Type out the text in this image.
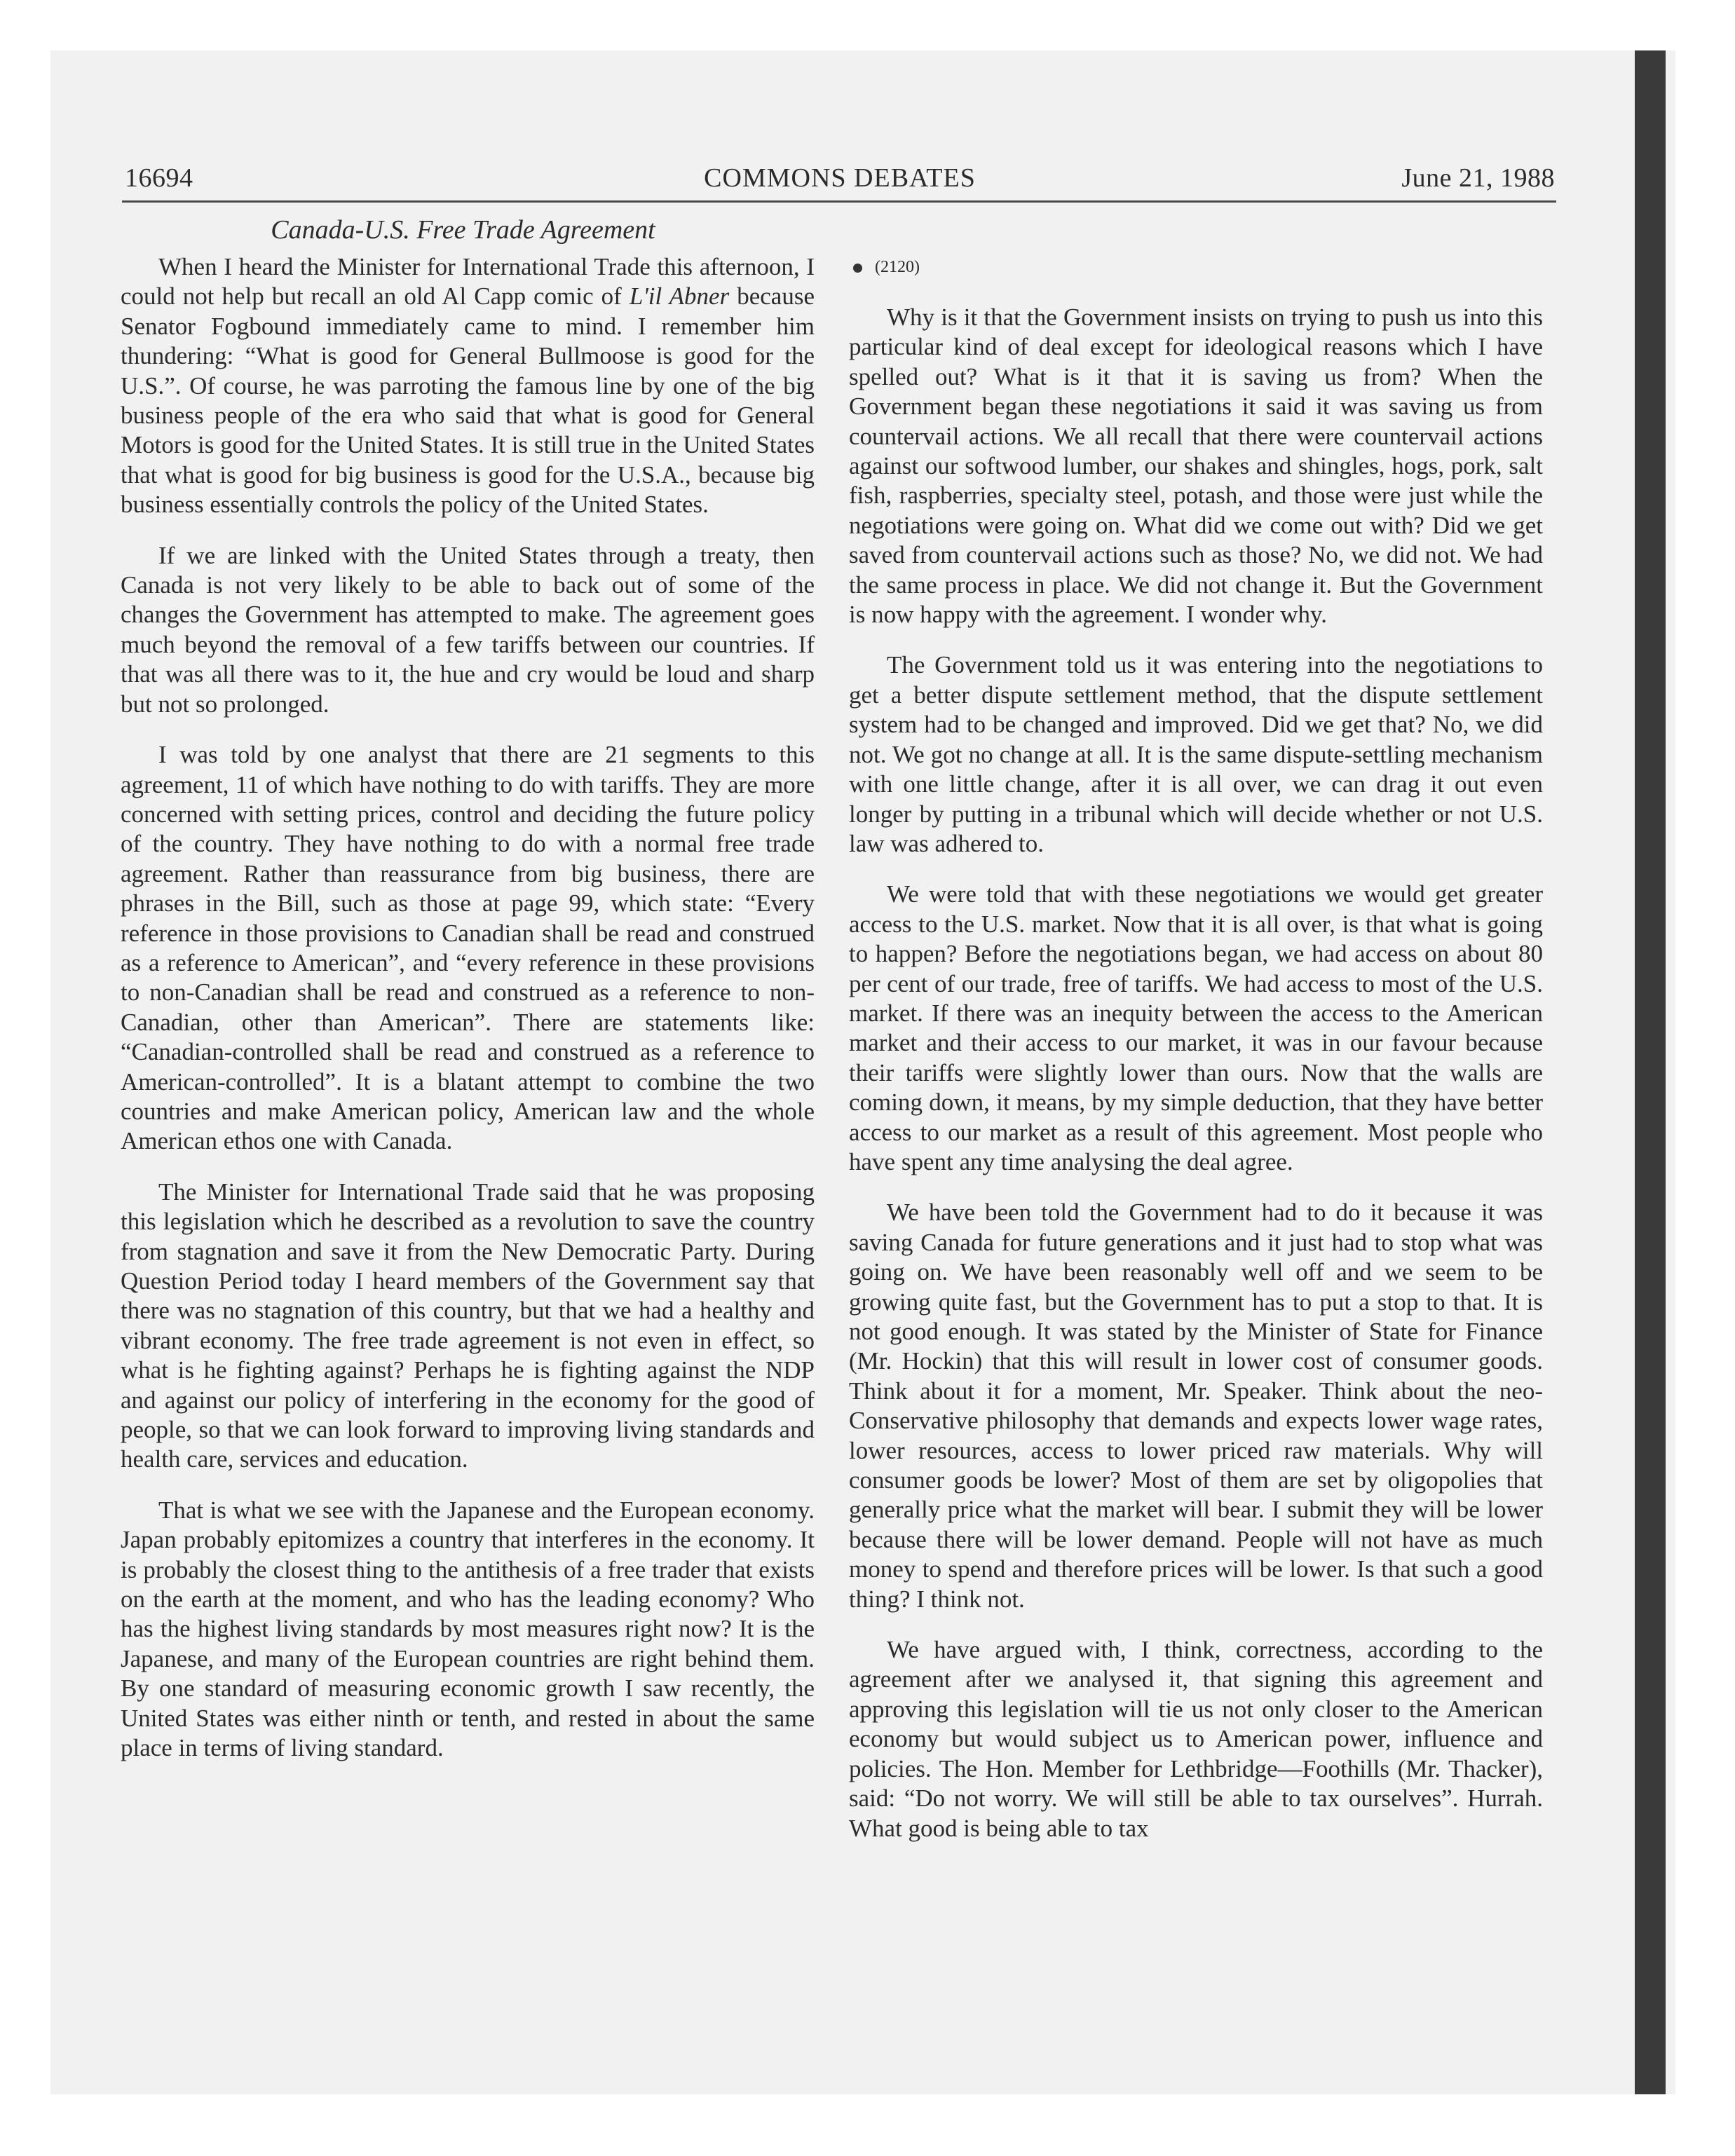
16694	COMMONS DEBATES	June 21, 1988
Canada-U.S. Free Trade Agreement

When I heard the Minister for International Trade this afternoon, I could not help but recall an old Al Capp comic of L'il Abner because Senator Fogbound immediately came to mind. I remember him thundering: “What is good for General Bullmoose is good for the U.S.”. Of course, he was parroting the famous line by one of the big business people of the era who said that what is good for General Motors is good for the United States. It is still true in the United States that what is good for big business is good for the U.S.A., because big business essentially controls the policy of the United States.

If we are linked with the United States through a treaty, then Canada is not very likely to be able to back out of some of the changes the Government has attempted to make. The agreement goes much beyond the removal of a few tariffs between our countries. If that was all there was to it, the hue and cry would be loud and sharp but not so prolonged.

I was told by one analyst that there are 21 segments to this agreement, 11 of which have nothing to do with tariffs. They are more concerned with setting prices, control and deciding the future policy of the country. They have nothing to do with a normal free trade agreement. Rather than reassurance from big business, there are phrases in the Bill, such as those at page 99, which state: “Every reference in those provisions to Canadian shall be read and construed as a reference to American”, and “every reference in these provisions to non-Canadian shall be read and construed as a reference to non-Canadian, other than American”. There are statements like: “Canadian-controlled shall be read and construed as a reference to American-controlled”. It is a blatant attempt to combine the two countries and make American policy, American law and the whole American ethos one with Canada.

The Minister for International Trade said that he was proposing this legislation which he described as a revolution to save the country from stagnation and save it from the New Democratic Party. During Question Period today I heard members of the Government say that there was no stagnation of this country, but that we had a healthy and vibrant economy. The free trade agreement is not even in effect, so what is he fighting against? Perhaps he is fighting against the NDP and against our policy of interfering in the economy for the good of people, so that we can look forward to improving living standards and health care, services and education.

That is what we see with the Japanese and the European economy. Japan probably epitomizes a country that interferes in the economy. It is probably the closest thing to the antithesis of a free trader that exists on the earth at the moment, and who has the leading economy? Who has the highest living standards by most measures right now? It is the Japanese, and many of the European countries are right behind them. By one standard of measuring economic growth I saw recently, the United States was either ninth or tenth, and rested in about the same place in terms of living standard.

(2120)

Why is it that the Government insists on trying to push us into this particular kind of deal except for ideological reasons which I have spelled out? What is it that it is saving us from? When the Government began these negotiations it said it was saving us from countervail actions. We all recall that there were countervail actions against our softwood lumber, our shakes and shingles, hogs, pork, salt fish, raspberries, specialty steel, potash, and those were just while the negotiations were going on. What did we come out with? Did we get saved from countervail actions such as those? No, we did not. We had the same process in place. We did not change it. But the Government is now happy with the agreement. I wonder why.

The Government told us it was entering into the negotiations to get a better dispute settlement method, that the dispute settlement system had to be changed and improved. Did we get that? No, we did not. We got no change at all. It is the same dispute-settling mechanism with one little change, after it is all over, we can drag it out even longer by putting in a tribunal which will decide whether or not U.S. law was adhered to.

We were told that with these negotiations we would get greater access to the U.S. market. Now that it is all over, is that what is going to happen? Before the negotiations began, we had access on about 80 per cent of our trade, free of tariffs. We had access to most of the U.S. market. If there was an inequity between the access to the American market and their access to our market, it was in our favour because their tariffs were slightly lower than ours. Now that the walls are coming down, it means, by my simple deduction, that they have better access to our market as a result of this agreement. Most people who have spent any time analysing the deal agree.

We have been told the Government had to do it because it was saving Canada for future generations and it just had to stop what was going on. We have been reasonably well off and we seem to be growing quite fast, but the Government has to put a stop to that. It is not good enough. It was stated by the Minister of State for Finance (Mr. Hockin) that this will result in lower cost of consumer goods. Think about it for a moment, Mr. Speaker. Think about the neo-Conservative philosophy that demands and expects lower wage rates, lower resources, access to lower priced raw materials. Why will consumer goods be lower? Most of them are set by oligopolies that generally price what the market will bear. I submit they will be lower because there will be lower demand. People will not have as much money to spend and therefore prices will be lower. Is that such a good thing? I think not.

We have argued with, I think, correctness, according to the agreement after we analysed it, that signing this agreement and approving this legislation will tie us not only closer to the American economy but would subject us to American power, influence and policies. The Hon. Member for Lethbridge—Foothills (Mr. Thacker), said: “Do not worry. We will still be able to tax ourselves”. Hurrah. What good is being able to tax
